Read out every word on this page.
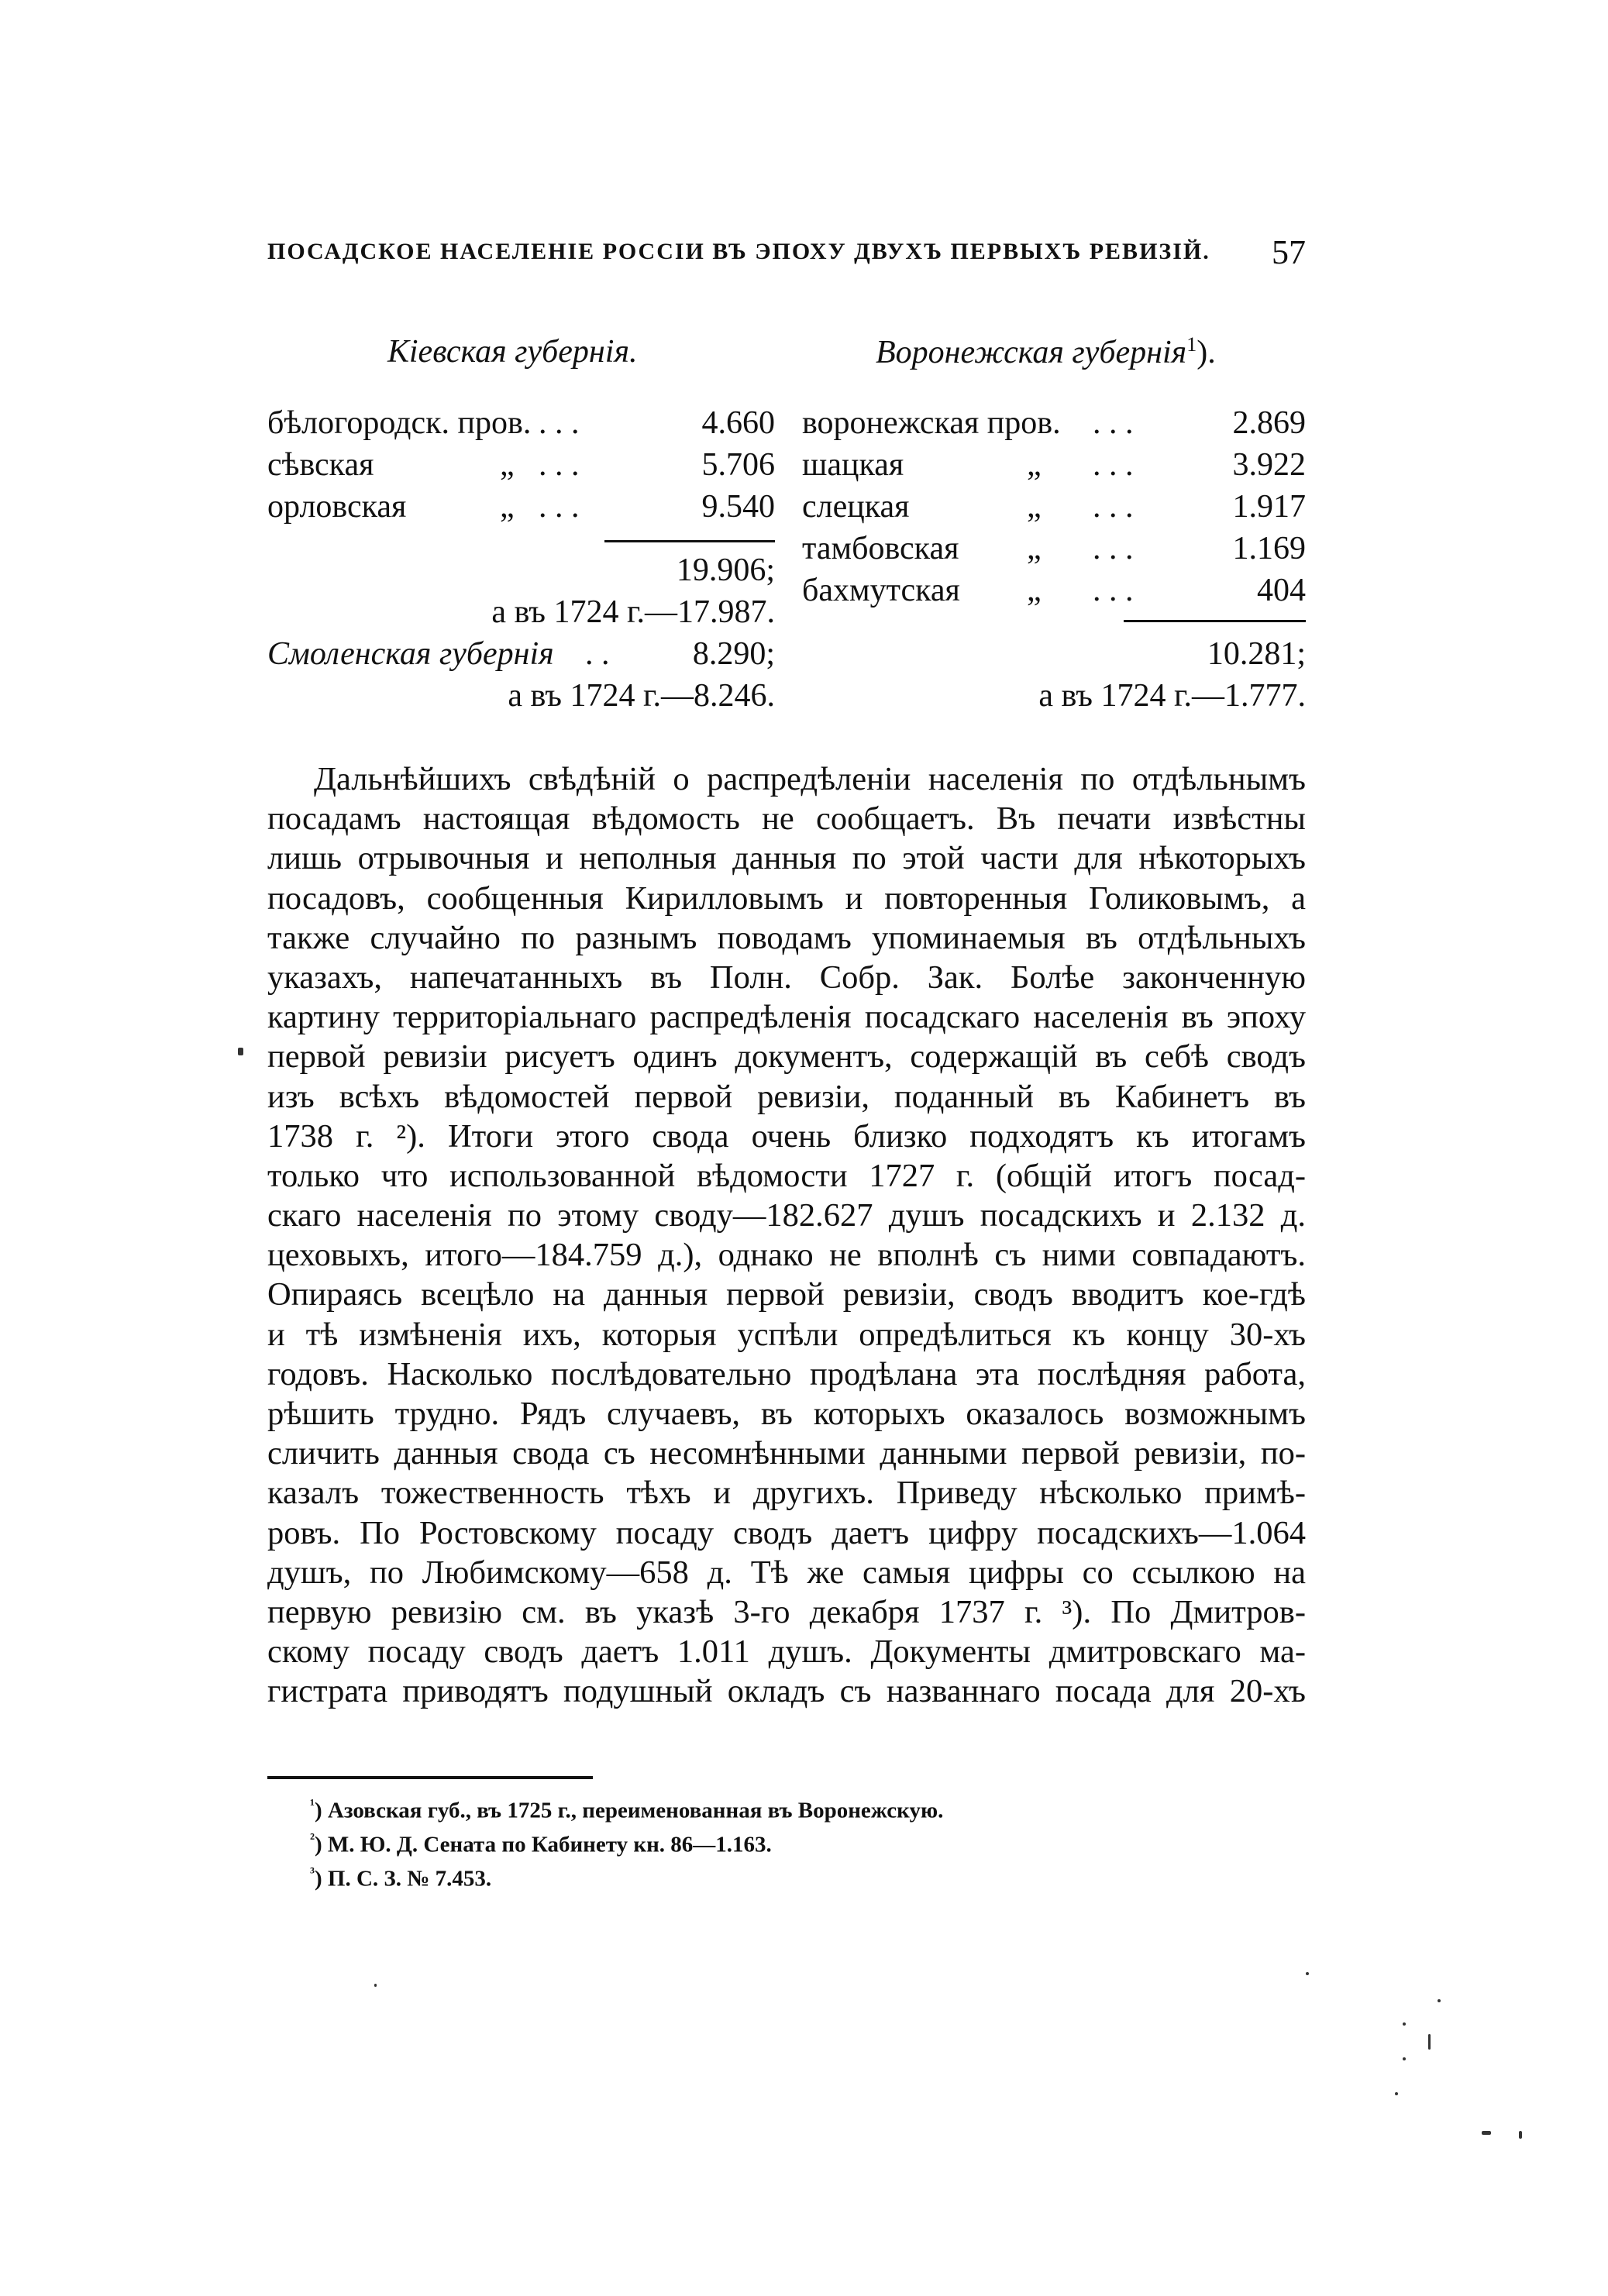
ПОСАДСКОЕ НАСЕЛЕНІЕ РОССІИ ВЪ ЭПОХУ ДВУХЪ ПЕРВЫХЪ РЕВИЗІЙ. 57
Кіевская губернія.
бѣлогородск. пров. . . .	4.660
сѣвская	„ . . .	5.706
орловская	„ . . .	9.540
19.906;
а въ 1724 г.—17.987.
Смоленская губернія . .	8.290;
а въ 1724 г.—8.246.
Воронежская губернія$^1$).
воронежская пров. . . .	2.869
шацкая	„ . . .	3.922
слецкая	„ . . .	1.917
тамбовская „ . . .	1.169
бахмутская „ . . .	404
10.281;
а въ 1724 г.—1.777.
Дальнѣйшихъ свѣдѣній о распредѣленіи населенія по отдѣльнымъ
посадамъ настоящая вѣдомость не сообщаетъ. Въ печати извѣстны
лишь отрывочныя и неполныя данныя по этой части для нѣкоторыхъ
посадовъ, сообщенныя Кирилловымъ и повторенныя Голиковымъ, а
также случайно по разнымъ поводамъ упоминаемыя въ отдѣльныхъ
указахъ, напечатанныхъ въ Полн. Собр. Зак. Болѣе законченную
картину территоріальнаго распредѣленія посадскаго населенія въ эпоху
первой ревизіи рисуетъ одинъ документъ, содержащій въ себѣ сводъ
изъ всѣхъ вѣдомостей первой ревизіи, поданный въ Кабинетъ въ
1738 г. ²). Итоги этого свода очень близко подходятъ къ итогамъ
только что использованной вѣдомости 1727 г. (общій итогъ посад-
скаго населенія по этому своду—182.627 душъ посадскихъ и 2.132 д.
цеховыхъ, итого—184.759 д.), однако не вполнѣ съ ними совпадаютъ.
Опираясь всецѣло на данныя первой ревизіи, сводъ вводитъ кое-гдѣ
и тѣ измѣненія ихъ, которыя успѣли опредѣлиться къ концу 30-хъ
годовъ. Насколько послѣдовательно продѣлана эта послѣдняя работа,
рѣшить трудно. Рядъ случаевъ, въ которыхъ оказалось возможнымъ
сличить данныя свода съ несомнѣнными данными первой ревизіи, по-
казалъ тожественность тѣхъ и другихъ. Приведу нѣсколько примѣ-
ровъ. По Ростовскому посаду сводъ даетъ цифру посадскихъ—1.064
душъ, по Любимскому—658 д. Тѣ же самыя цифры со ссылкою на
первую ревизію см. въ указѣ 3-го декабря 1737 г. ³). По Дмитров-
скому посаду сводъ даетъ 1.011 душъ. Документы дмитровскаго ма-
гистрата приводятъ подушный окладъ съ названнаго посада для 20-хъ
$^{^1}$) Азовская губ., въ 1725 г., переименованная въ Воронежскую.
$^{^2}$) М. Ю. Д. Сената по Кабинету кн. 86—1.163.
$^{^3}$) П. С. З. № 7.453.
